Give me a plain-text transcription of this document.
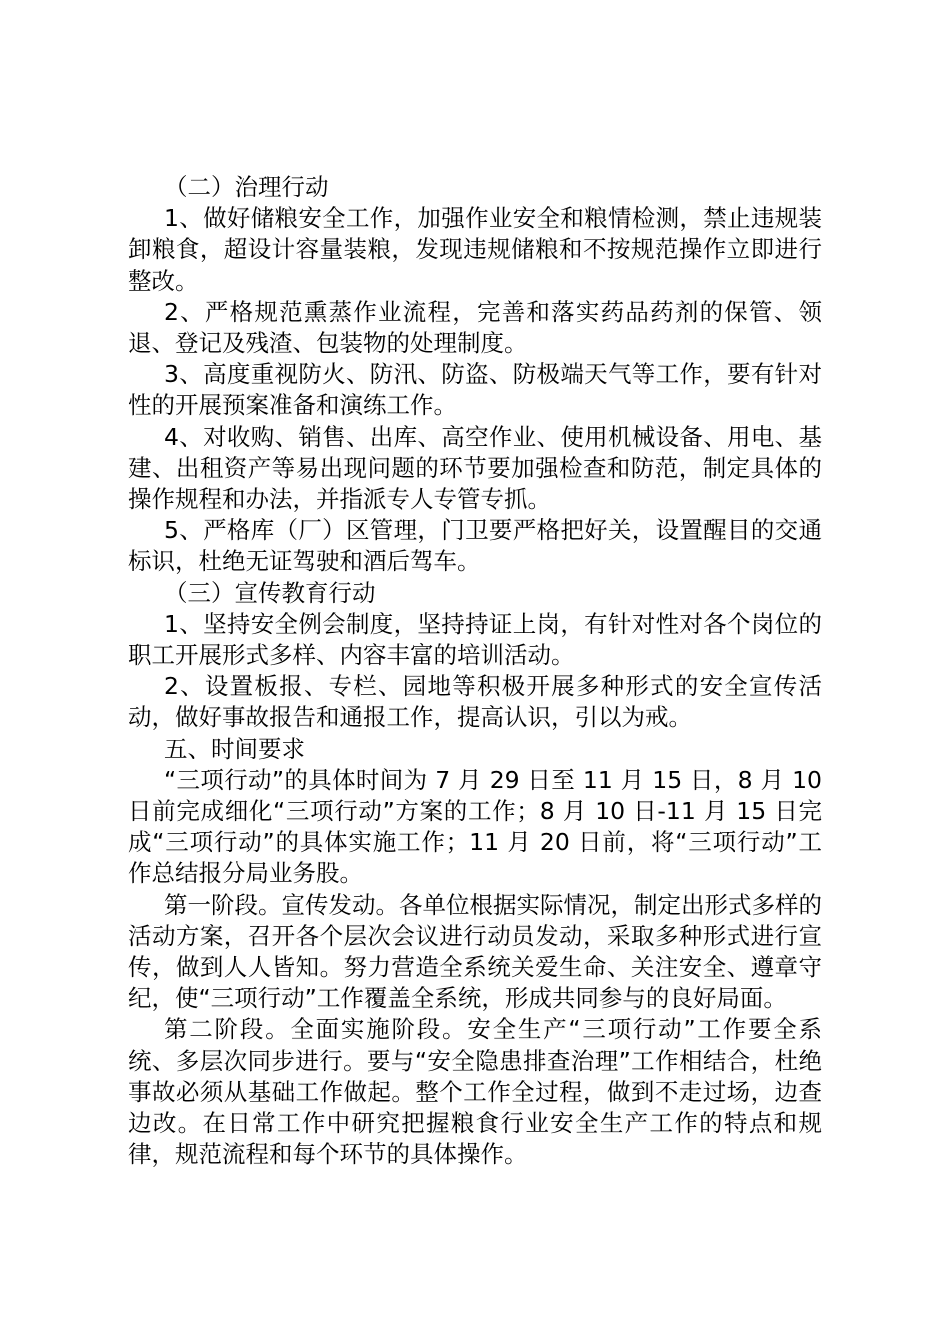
（二）治理行动

1、做好储粮安全工作，加强作业安全和粮情检测，禁止违规装卸粮食，超设计容量装粮，发现违规储粮和不按规范操作立即进行整改。

2、严格规范熏蒸作业流程，完善和落实药品药剂的保管、领退、登记及残渣、包装物的处理制度。

3、高度重视防火、防汛、防盗、防极端天气等工作，要有针对性的开展预案准备和演练工作。

4、对收购、销售、出库、高空作业、使用机械设备、用电、基建、出租资产等易出现问题的环节要加强检查和防范，制定具体的操作规程和办法，并指派专人专管专抓。

5、严格库（厂）区管理，门卫要严格把好关，设置醒目的交通标识，杜绝无证驾驶和酒后驾车。

（三）宣传教育行动

1、坚持安全例会制度，坚持持证上岗，有针对性对各个岗位的职工开展形式多样、内容丰富的培训活动。

2、设置板报、专栏、园地等积极开展多种形式的安全宣传活动，做好事故报告和通报工作，提高认识，引以为戒。

五、时间要求

“三项行动”的具体时间为 7 月 29 日至 11 月 15 日，8 月 10 日前完成细化“三项行动”方案的工作；8 月 10 日-11 月 15 日完成“三项行动”的具体实施工作；11 月 20 日前，将“三项行动”工作总结报分局业务股。

第一阶段。宣传发动。各单位根据实际情况，制定出形式多样的活动方案，召开各个层次会议进行动员发动，采取多种形式进行宣传，做到人人皆知。努力营造全系统关爱生命、关注安全、遵章守纪，使“三项行动”工作覆盖全系统，形成共同参与的良好局面。

第二阶段。全面实施阶段。安全生产“三项行动”工作要全系统、多层次同步进行。要与“安全隐患排查治理”工作相结合，杜绝事故必须从基础工作做起。整个工作全过程，做到不走过场，边查边改。在日常工作中研究把握粮食行业安全生产工作的特点和规律，规范流程和每个环节的具体操作。
